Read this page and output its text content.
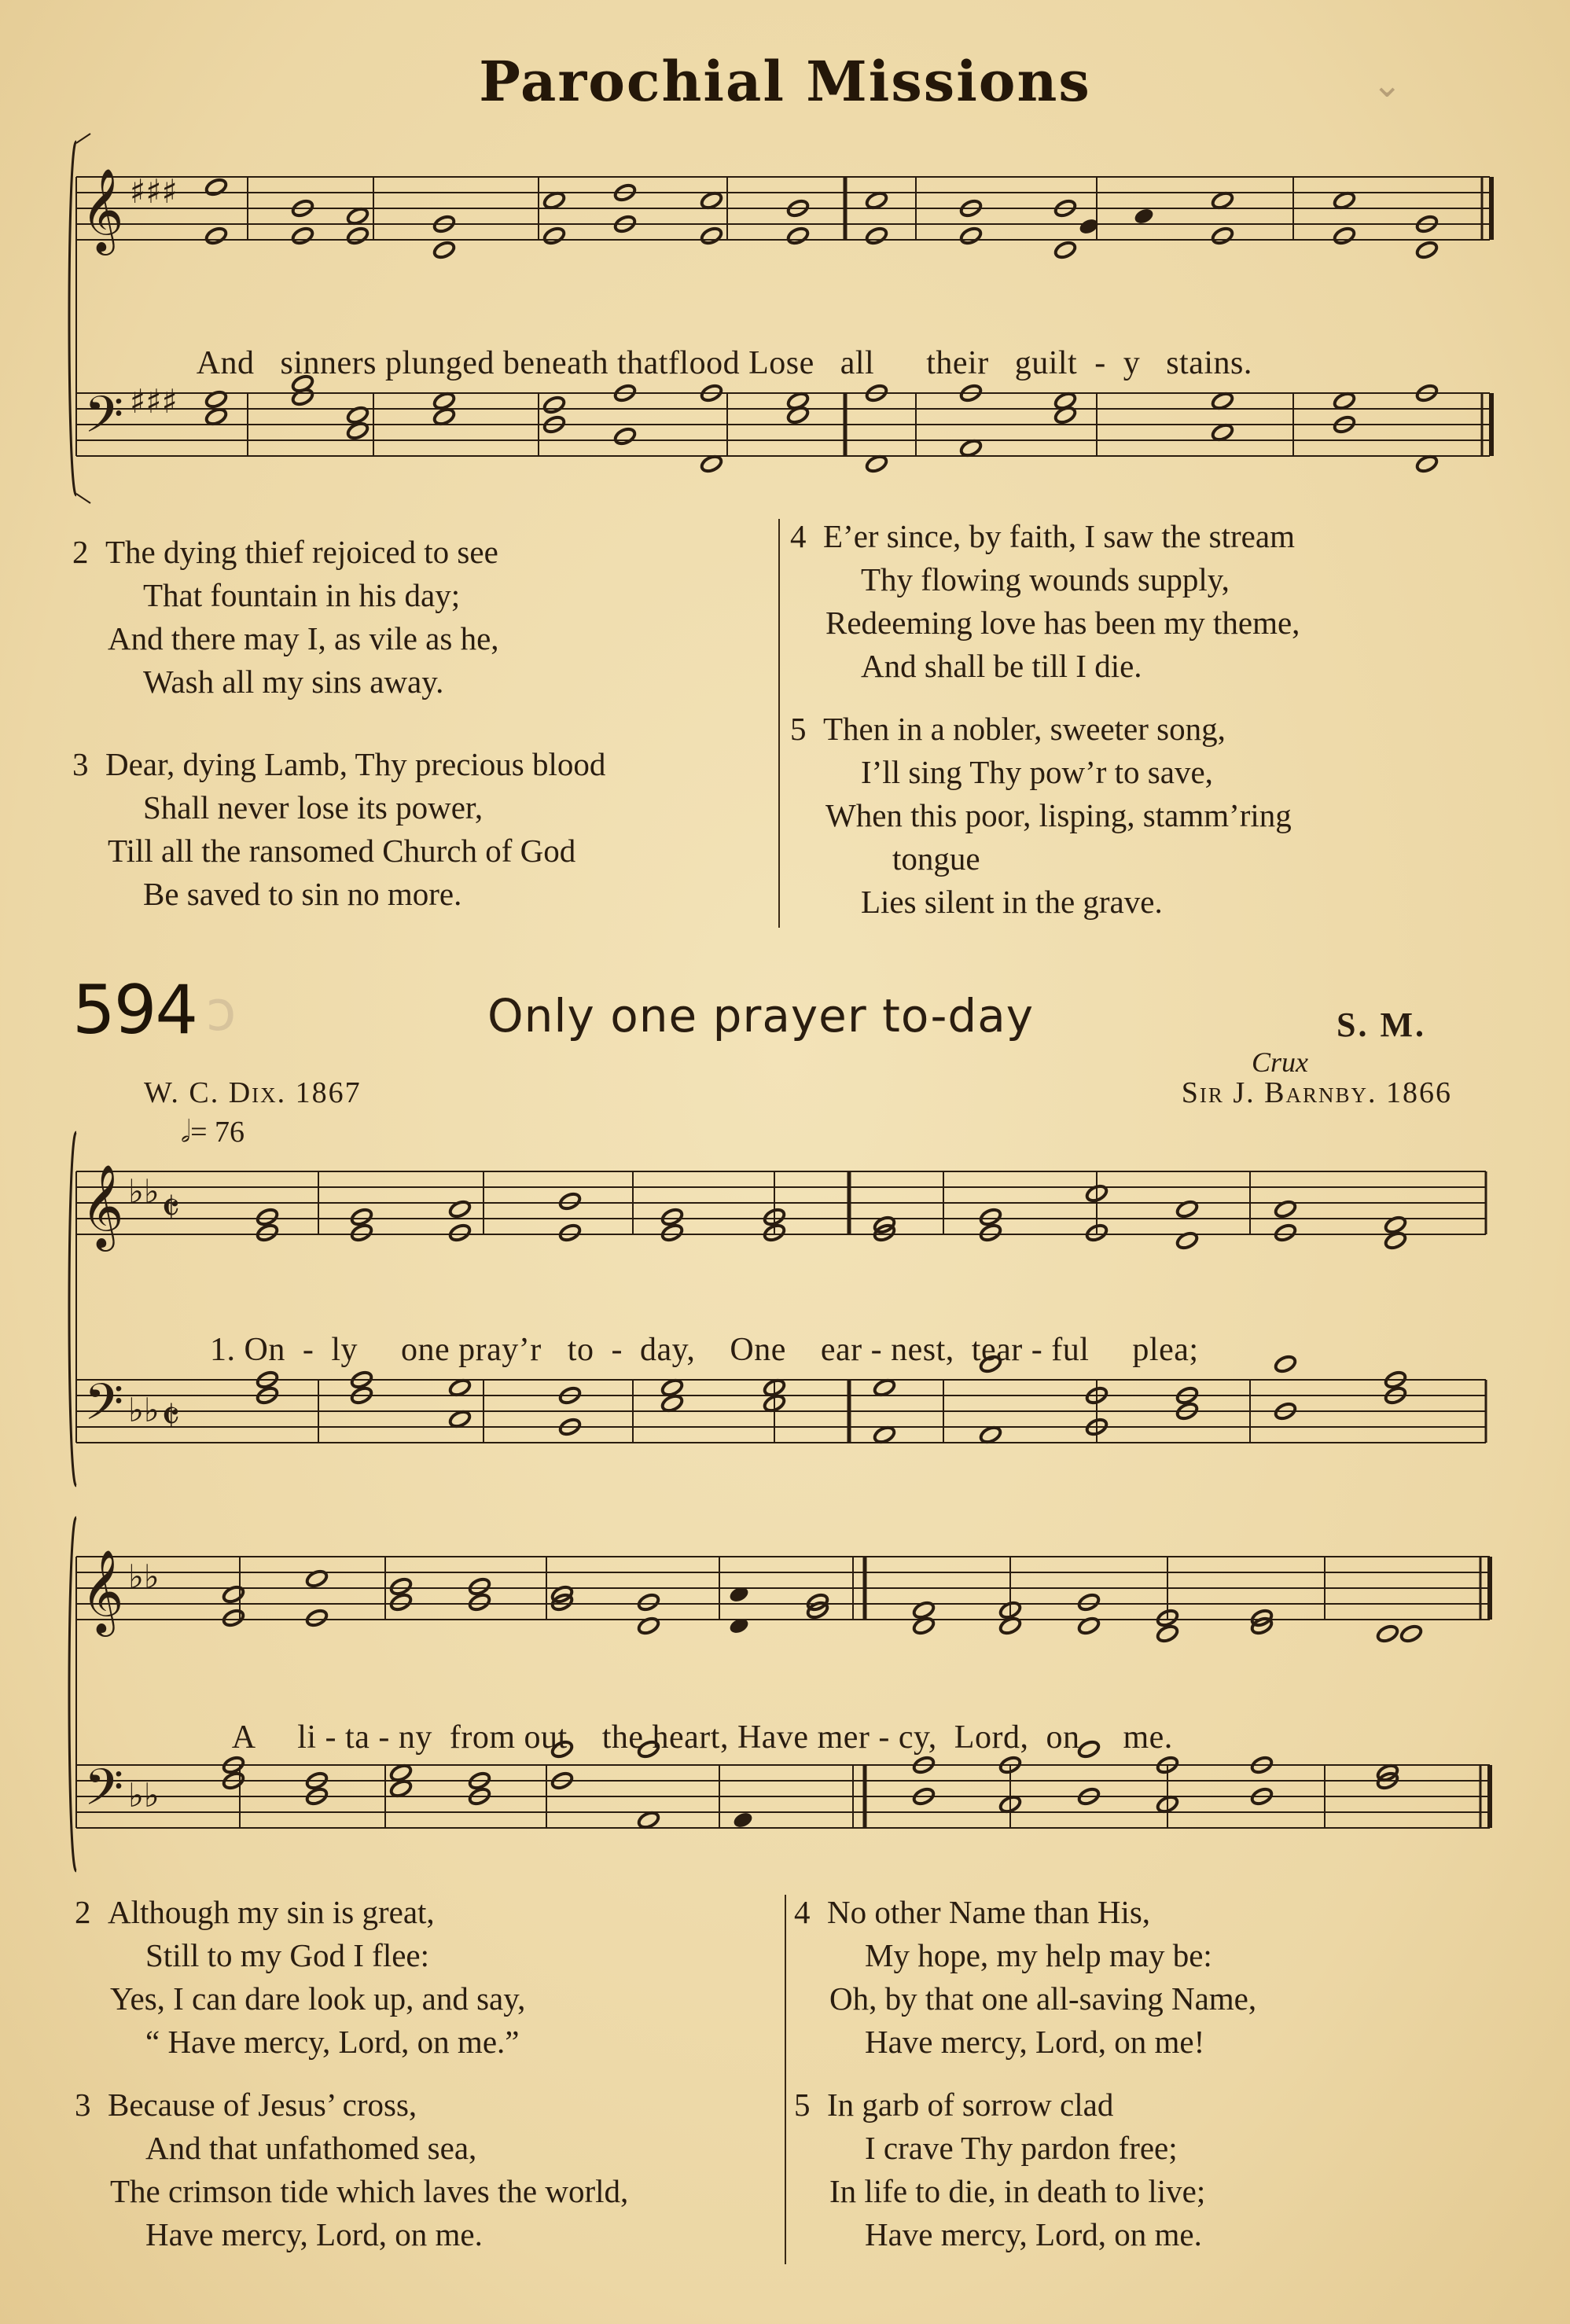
Parochial Missions	⌄
𝄞
𝄢
♯♯♯
♯♯♯

And sinners plunged beneath thatflood Lose all their guilt - y stains.

2 The dying thief rejoiced to see
That fountain in his day;
And there may I, as vile as he,
Wash all my sins away.
3 Dear, dying Lamb, Thy precious blood
Shall never lose its power,
Till all the ransomed Church of God
Be saved to sin no more.
4 E’er since, by faith, I saw the stream
Thy flowing wounds supply,
Redeeming love has been my theme,
And shall be till I die.
5 Then in a nobler, sweeter song,
I’ll sing Thy pow’r to save,
When this poor, lisping, stamm’ring
tongue
Lies silent in the grave.
594 ↄ	Only one prayer to-day	S. M.
Crux
W. C. Dix. 1867	Sir J. Barnby. 1866
𝅗𝅥= 76
𝄞
𝄢
♭♭
♭♭
𝄵
𝄵

1. On - ly one pray’r to - day, One ear - nest, tear - ful plea;

𝄞
𝄢
♭♭
♭♭

A li - ta - ny from out the heart, Have mer - cy, Lord, on me.

2 Although my sin is great,
Still to my God I flee:
Yes, I can dare look up, and say,
“ Have mercy, Lord, on me.”
3 Because of Jesus’ cross,
And that unfathomed sea,
The crimson tide which laves the world,
Have mercy, Lord, on me.
4 No other Name than His,
My hope, my help may be:
Oh, by that one all-saving Name,
Have mercy, Lord, on me!
5 In garb of sorrow clad
I crave Thy pardon free;
In life to die, in death to live;
Have mercy, Lord, on me.
